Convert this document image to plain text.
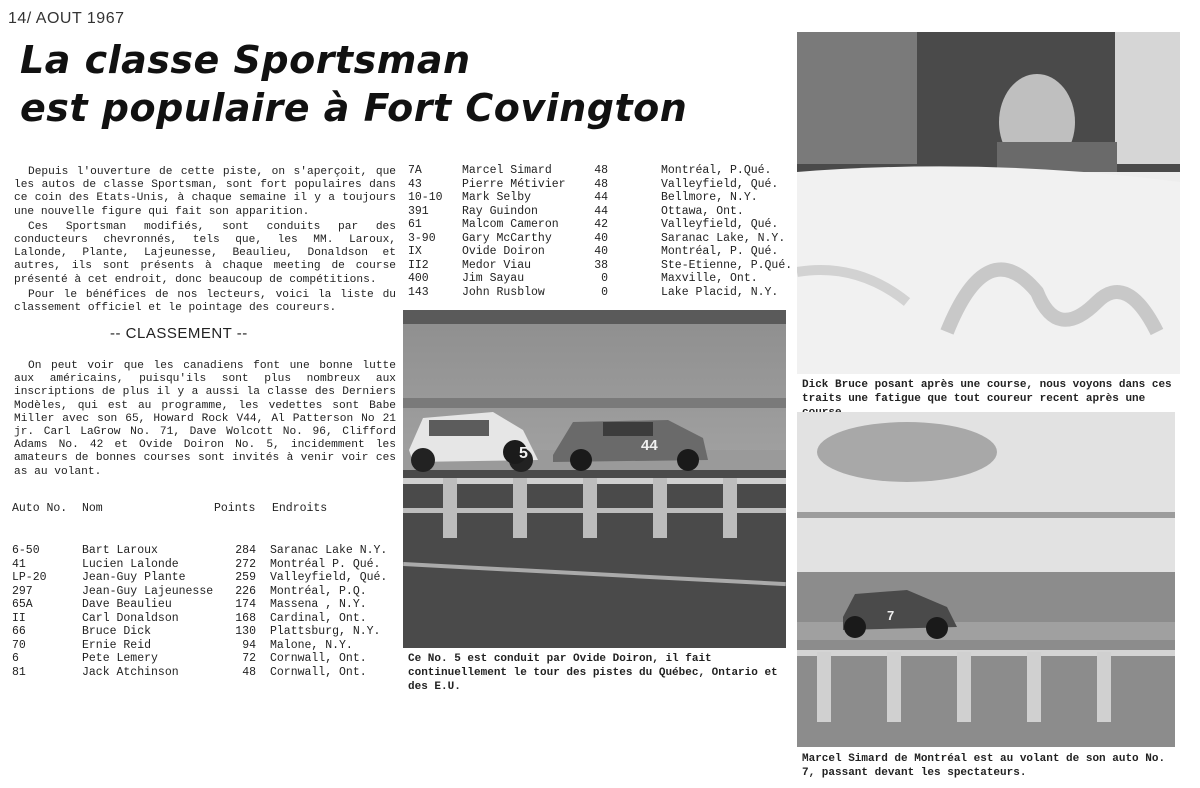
14/ AOUT 1967
La classe Sportsman
est populaire à Fort Covington

Depuis l'ouverture de cette piste, on s'aperçoit, que les autos de classe Sportsman, sont fort populaires dans ce coin des Etats-Unis, à chaque semaine il y a toujours une nouvelle figure qui fait son apparition.

Ces Sportsman modifiés, sont conduits par des conducteurs chevronnés, tels que, les MM. Laroux, Lalonde, Plante, Lajeunesse, Beaulieu, Donaldson et autres, ils sont présents à chaque meeting de course présenté à cet endroit, donc beaucoup de compétitions.

Pour le bénéfices de nos lecteurs, voici la liste du classement officiel et le pointage des coureurs.

-- CLASSEMENT --

On peut voir que les canadiens font une bonne lutte aux américains, puisqu'ils sont plus nombreux aux inscriptions de plus il y a aussi la classe des Derniers Modèles, qui est au programme, les vedettes sont Babe Miller avec son 65, Howard Rock V44, Al Patterson No 21 jr. Carl LaGrow No. 71, Dave Wolcott No. 96, Clifford Adams No. 42 et Ovide Doiron No. 5, incidemment les amateurs de bonnes courses sont invités à venir voir ces as au volant.

Auto No. Nom	Points Endroits
6-50	Bart Laroux	284 Saranac Lake N.Y.
41	Lucien Lalonde	272 Montréal P. Qué.
LP-20	Jean-Guy Plante	259 Valleyfield, Qué.
297	Jean-Guy Lajeunesse	226 Montréal, P.Q.
65A	Dave Beaulieu	174 Massena , N.Y.
II	Carl Donaldson	168 Cardinal, Ont.
66	Bruce Dick	130 Plattsburg, N.Y.
70	Ernie Reid	94 Malone, N.Y.
6	Pete Lemery	72 Cornwall, Ont.
81	Jack Atchinson	48 Cornwall, Ont.
7A	Marcel Simard	48	Montréal, P.Qué.
43	Pierre Métivier	48	Valleyfield, Qué.
10-10 Mark Selby	44	Bellmore, N.Y.
391	Ray Guindon	44	Ottawa, Ont.
61	Malcom Cameron	42	Valleyfield, Qué.
3-90 Gary McCarthy	40	Saranac Lake, N.Y.
IX	Ovide Doiron	40	Montréal, P. Qué.
II2	Medor Viau	38	Ste-Etienne, P.Qué.
400	Jim Sayau	0	Maxville, Ont.
143	John Rusblow	0	Lake Placid, N.Y.
5	44
Ce No. 5 est conduit par Ovide Doiron, il fait continuellement le tour des pistes du Québec, Ontario et des E.U.
Dick Bruce posant après une course, nous voyons dans ces traits une fatigue que tout coureur recent après une
7
Marcel Simard de Montréal est au volant de son auto No. 7, passant devant les spectateurs.
